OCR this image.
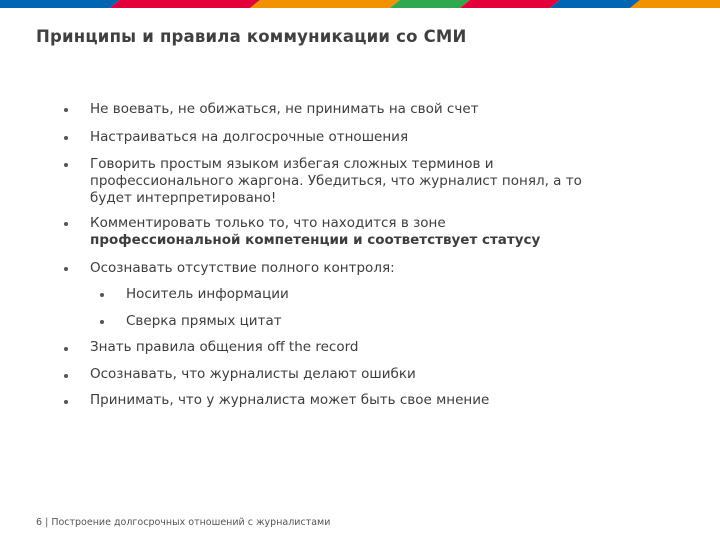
Принципы и правила коммуникации со СМИ
Не воевать, не обижаться, не принимать на свой счет
Настраиваться на долгосрочные отношения
Говорить простым языком избегая сложных терминов и профессионального жаргона. Убедиться, что журналист понял, а то будет интерпретировано!
Комментировать только то, что находится в зоне
профессиональной компетенции и соответствует статусу
Осознавать отсутствие полного контроля:
Носитель информации
Сверка прямых цитат
Знать правила общения off the record
Осознавать, что журналисты делают ошибки
Принимать, что у журналиста может быть свое мнение
6 | Построение долгосрочных отношений с журналистами
